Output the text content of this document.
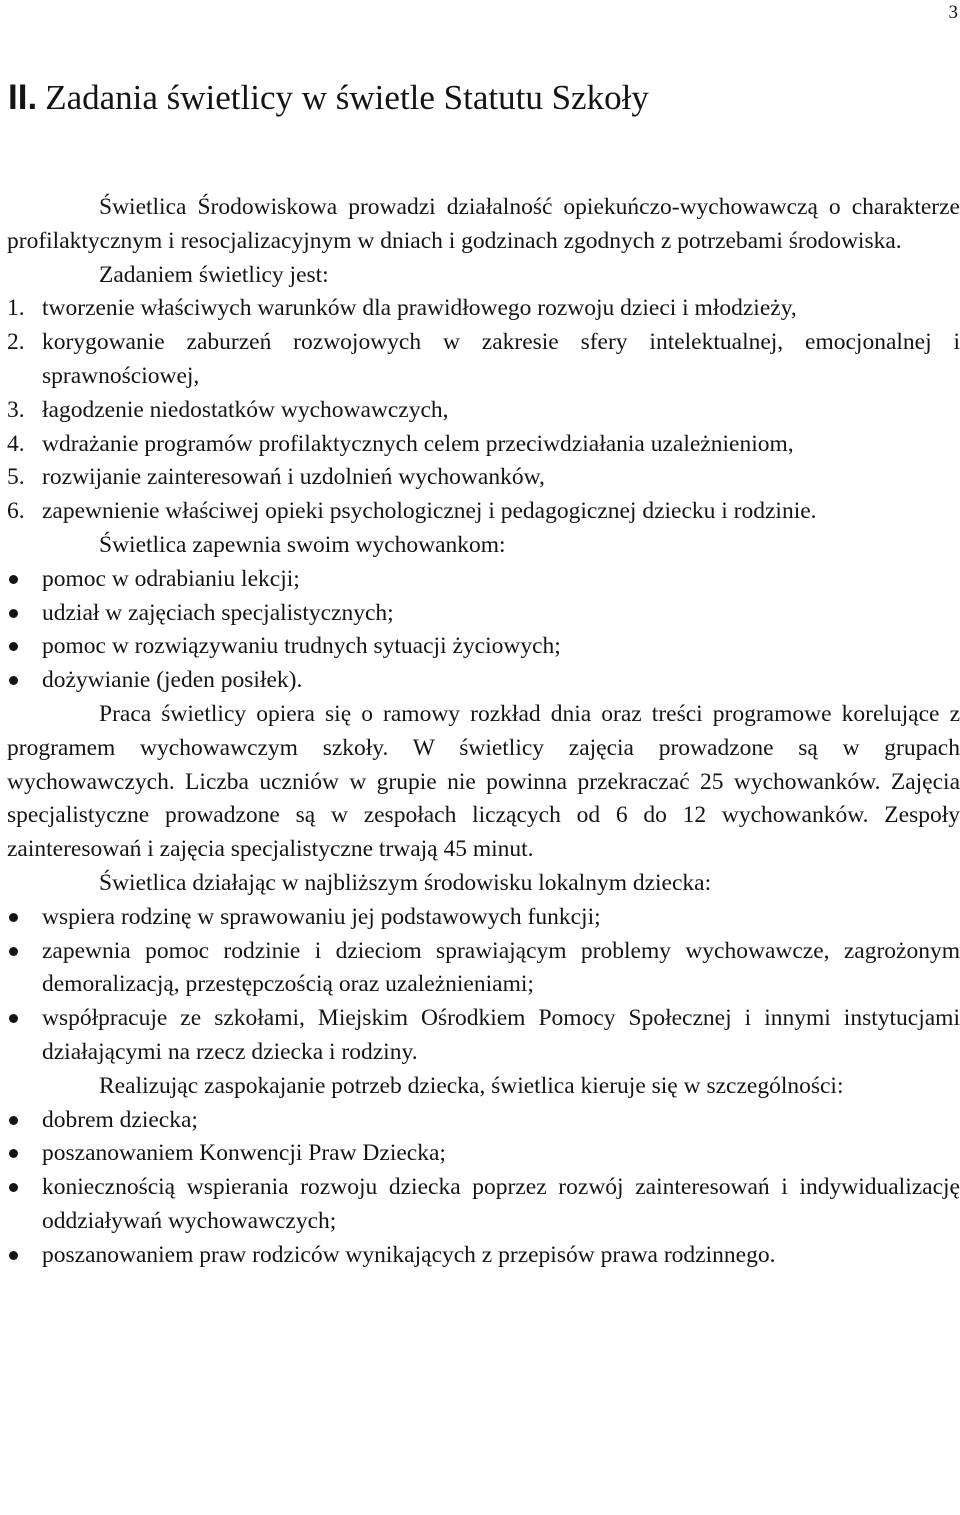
3
II. Zadania świetlicy w świetle Statutu Szkoły

Świetlica Środowiskowa prowadzi działalność opiekuńczo-wychowawczą o charakterze profilaktycznym i resocjalizacyjnym w dniach i godzinach zgodnych z potrzebami środowiska.

Zadaniem świetlicy jest:

1. tworzenie właściwych warunków dla prawidłowego rozwoju dzieci i młodzieży,
2. korygowanie zaburzeń rozwojowych w zakresie sfery intelektualnej, emocjonalnej i sprawnościowej,
3. łagodzenie niedostatków wychowawczych,
4. wdrażanie programów profilaktycznych celem przeciwdziałania uzależnieniom,
5. rozwijanie zainteresowań i uzdolnień wychowanków,
6. zapewnienie właściwej opieki psychologicznej i pedagogicznej dziecku i rodzinie.

Świetlica zapewnia swoim wychowankom:

pomoc w odrabianiu lekcji;
udział w zajęciach specjalistycznych;
pomoc w rozwiązywaniu trudnych sytuacji życiowych;
dożywianie (jeden posiłek).

Praca świetlicy opiera się o ramowy rozkład dnia oraz treści programowe korelujące z programem wychowawczym szkoły. W świetlicy zajęcia prowadzone są w grupach wychowawczych. Liczba uczniów w grupie nie powinna przekraczać 25 wychowanków. Zajęcia specjalistyczne prowadzone są w zespołach liczących od 6 do 12 wychowanków. Zespoły zainteresowań i zajęcia specjalistyczne trwają 45 minut.

Świetlica działając w najbliższym środowisku lokalnym dziecka:

wspiera rodzinę w sprawowaniu jej podstawowych funkcji;
zapewnia pomoc rodzinie i dzieciom sprawiającym problemy wychowawcze, zagrożonym demoralizacją, przestępczością oraz uzależnieniami;
współpracuje ze szkołami, Miejskim Ośrodkiem Pomocy Społecznej i innymi instytucjami działającymi na rzecz dziecka i rodziny.

Realizując zaspokajanie potrzeb dziecka, świetlica kieruje się w szczególności:

dobrem dziecka;
poszanowaniem Konwencji Praw Dziecka;
koniecznością wspierania rozwoju dziecka poprzez rozwój zainteresowań i indywidualizację oddziaływań wychowawczych;
poszanowaniem praw rodziców wynikających z przepisów prawa rodzinnego.
